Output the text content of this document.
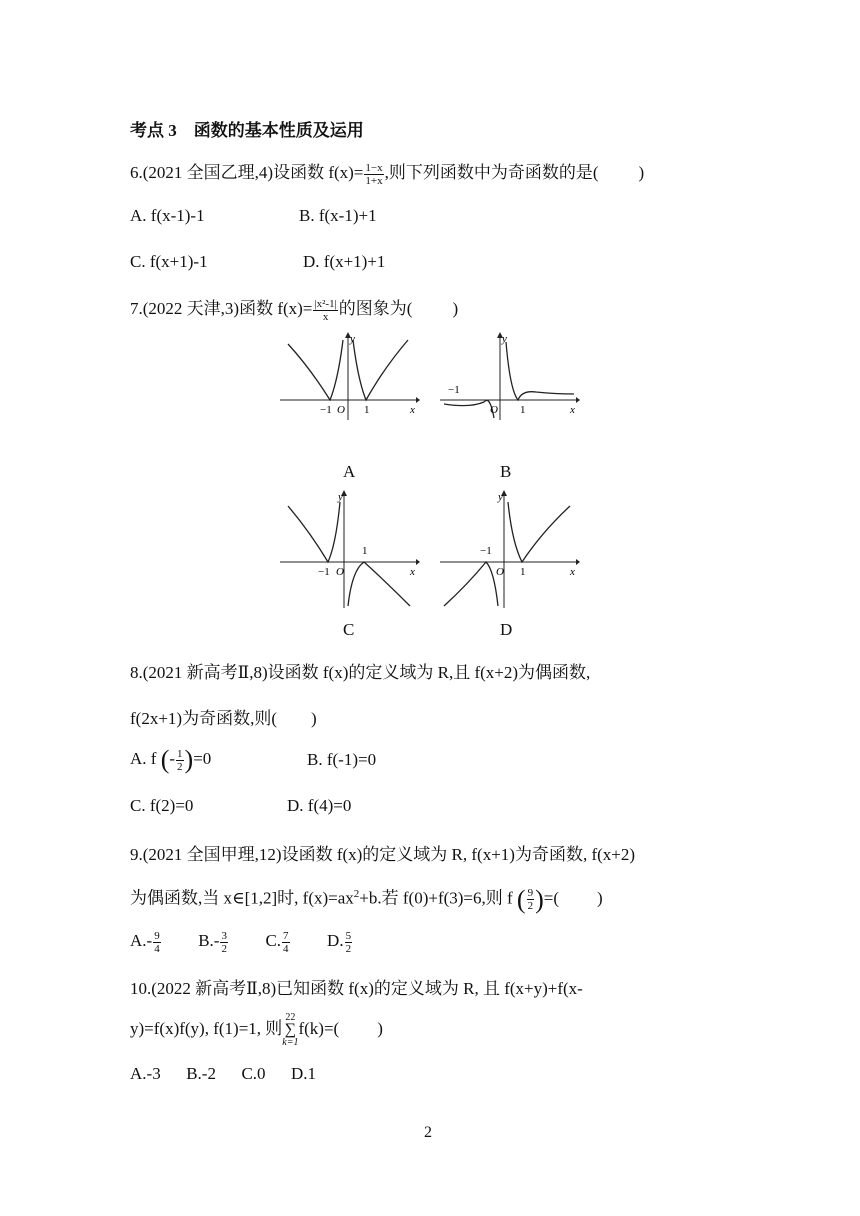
考点 3 函数的基本性质及运用
6.(2021 全国乙理,4)设函数 $f(x)= \frac{1-x}{1+x}$ ,则下列函数中为奇函数的是( )
A. f(x-1)-1	B. f(x-1)+1
C. f(x+1)-1	D. f(x+1)+1
7.(2022 天津,3)函数 $f(x)= \frac{\text{|x²-1|}}{x}$ 的图象为( )
y
x
O
−1	1
A
y
x
O
−1
1
B
y
x
O
−1
1
C
y
x
O
−1
1
D
8.(2021 新高考Ⅱ,8)设函数 f(x)的定义域为 R,且 f(x+2)为偶函数,
f(2x+1)为奇函数,则( )
A. f (- $\frac{1}{2} )=0$	B. f(-1)=0
C. f(2)=0	D. f(4)=0
9.(2021 全国甲理,12)设函数 f(x)的定义域为 R, f(x+1)为奇函数, f(x+2)
为偶函数,当 x∈[1,2]时, $f(x)=ax^2+b$.若 f(0)+f(3)=6,则 f ( $\frac{9}{2}$ )=( )
$A.- \frac{9}{4} B.- \frac{3}{2} C$. $\frac{7}{4} D$. $\frac{5}{2}$
10.(2022 新高考Ⅱ,8)已知函数 f(x)的定义域为 R, 且 f(x+y)+f(x-
y)=f(x)f(y), f(1)=1, 则22
∑
k=1f(k)=( )
A.-3      B.-2      C.0      D.1
2
